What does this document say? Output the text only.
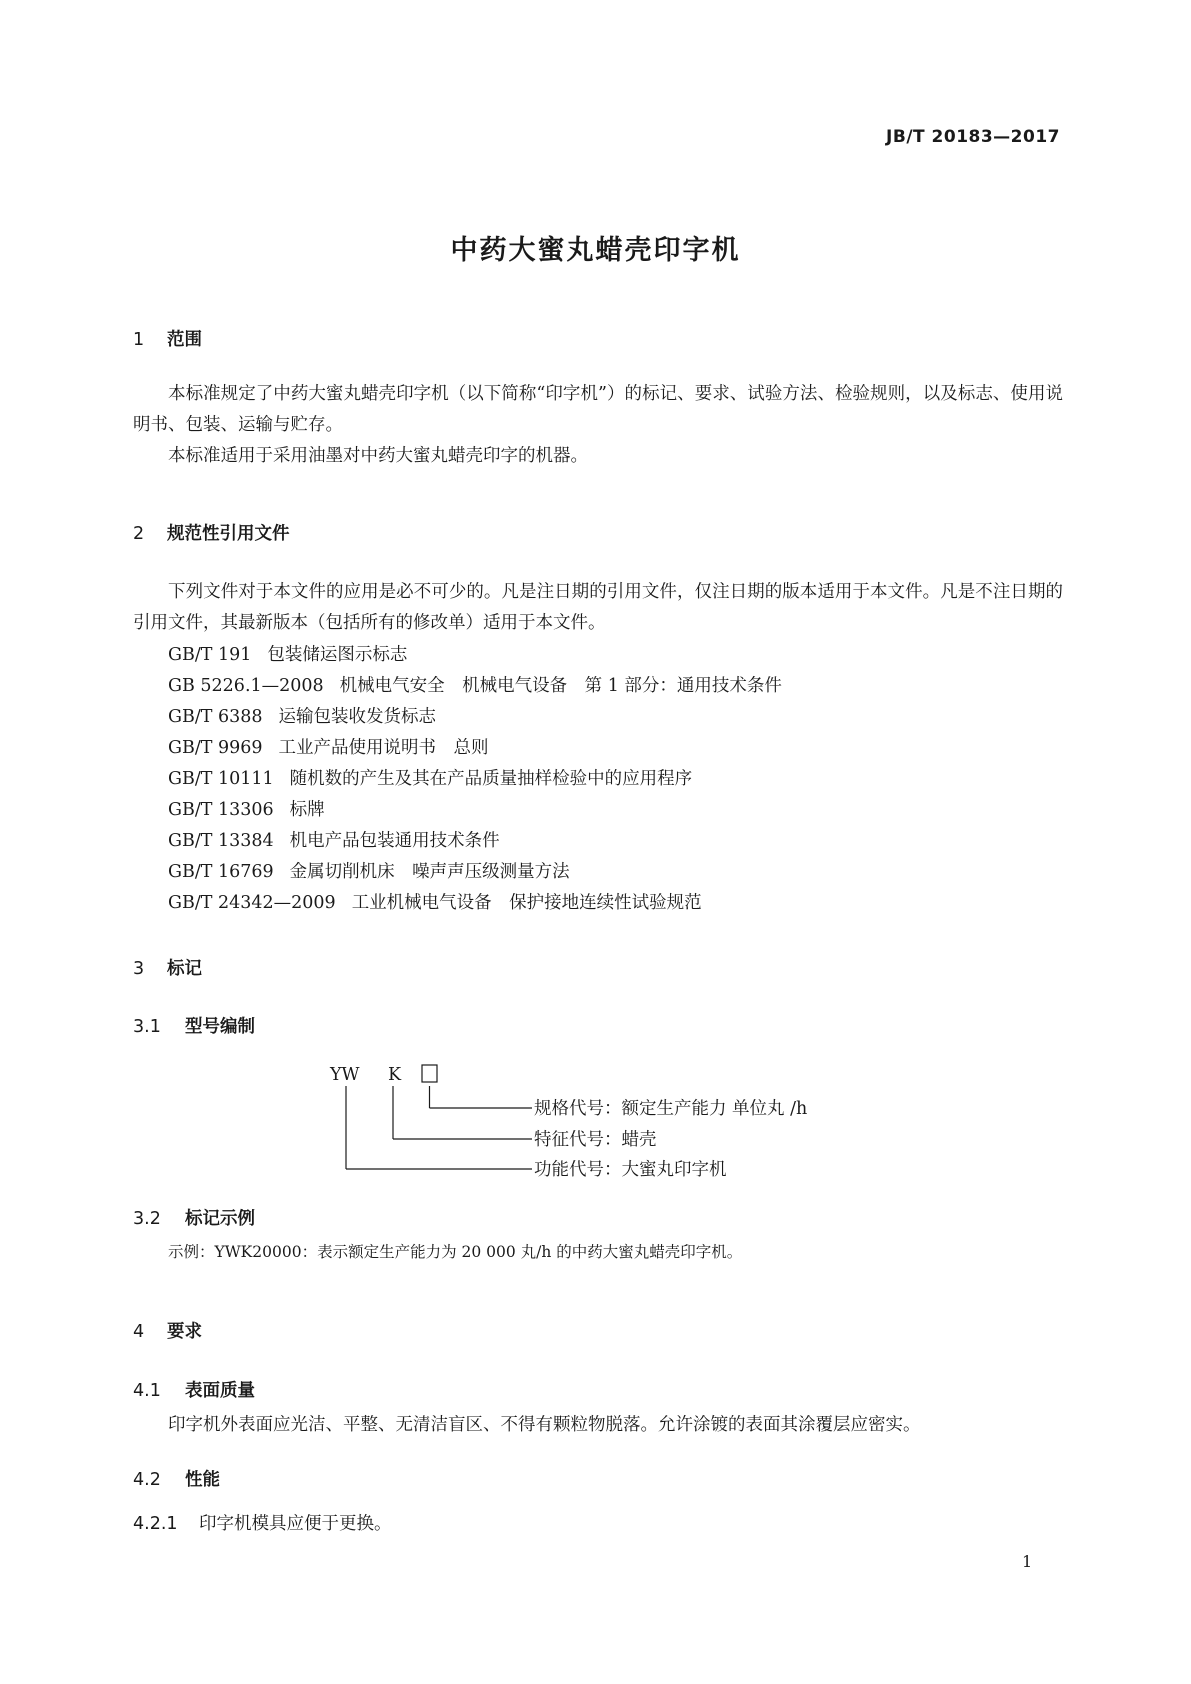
JB/T 20183—2017
中药大蜜丸蜡壳印字机
1 范围
本标准规定了中药大蜜丸蜡壳印字机（以下简称“印字机”）的标记、要求、试验方法、检验规则，以及标志、使用说明书、包装、运输与贮存。
本标准适用于采用油墨对中药大蜜丸蜡壳印字的机器。
2 规范性引用文件
下列文件对于本文件的应用是必不可少的。凡是注日期的引用文件，仅注日期的版本适用于本文件。凡是不注日期的引用文件，其最新版本（包括所有的修改单）适用于本文件。
GB/T 191 包装储运图示标志
GB 5226.1—2008 机械电气安全　机械电气设备　第 1 部分：通用技术条件
GB/T 6388 运输包装收发货标志
GB/T 9969 工业产品使用说明书　总则
GB/T 10111 随机数的产生及其在产品质量抽样检验中的应用程序
GB/T 13306 标牌
GB/T 13384 机电产品包装通用技术条件
GB/T 16769 金属切削机床　噪声声压级测量方法
GB/T 24342—2009 工业机械电气设备　保护接地连续性试验规范
3 标记
3.1 型号编制
YW K
规格代号：额定生产能力 单位丸 /h
特征代号：蜡壳
功能代号：大蜜丸印字机
3.2 标记示例
示例：YWK20000：表示额定生产能力为 20 000 丸/h 的中药大蜜丸蜡壳印字机。
4 要求
4.1 表面质量
印字机外表面应光洁、平整、无清洁盲区、不得有颗粒物脱落。允许涂镀的表面其涂覆层应密实。
4.2 性能
4.2.1 印字机模具应便于更换。
1
